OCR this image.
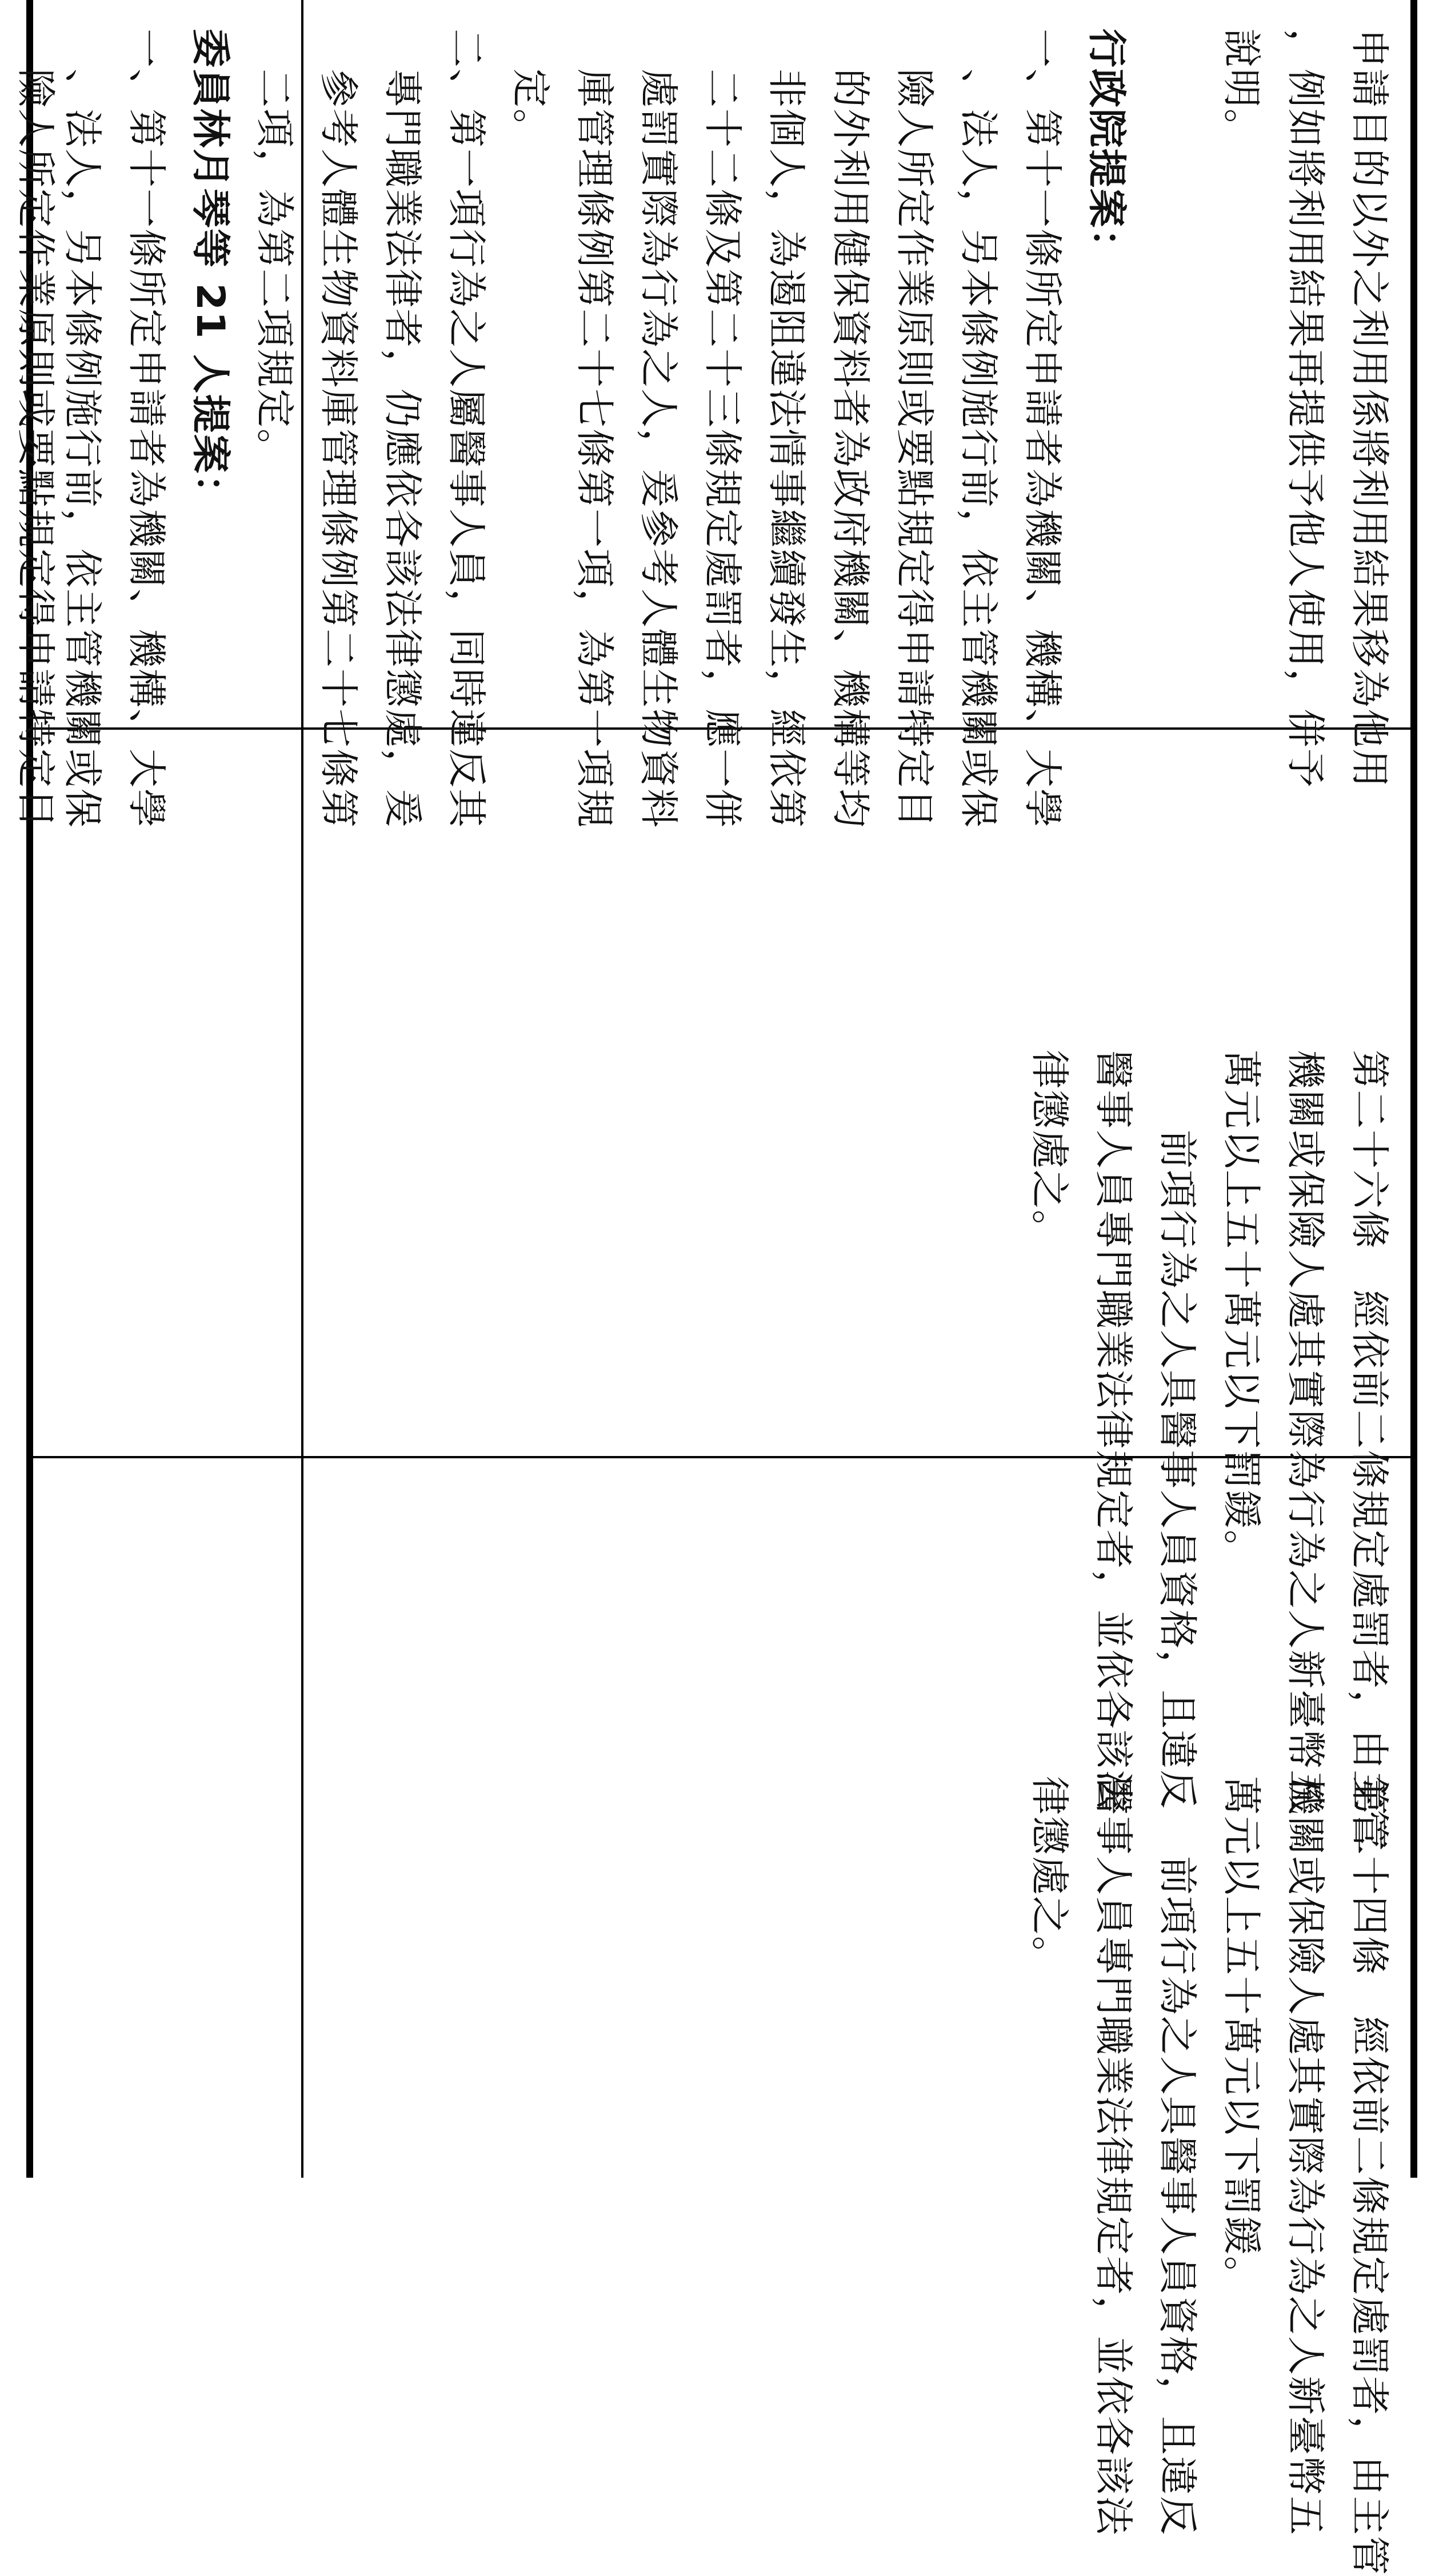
第二十四條　經依前二條規定處罰者，由主管
機關或保險人處其實際為行為之人新臺幣五
萬元以上五十萬元以下罰鍰。
　　前項行為之人具醫事人員資格，且違反
醫事人員專門職業法律規定者，並依各該法
律懲處之。
第二十六條　經依前二條規定處罰者，由主管
機關或保險人處其實際為行為之人新臺幣五
萬元以上五十萬元以下罰鍰。
　　前項行為之人具醫事人員資格，且違反
醫事人員專門職業法律規定者，並依各該法
律懲處之。
申請目的以外之利用係將利用結果移為他用
，例如將利用結果再提供予他人使用，併予
說明。
行政院提案：
一、第十一條所定申請者為機關、機構、大學
　、法人，另本條例施行前，依主管機關或保
　險人所定作業原則或要點規定得申請特定目
　的外利用健保資料者為政府機關、機構等均
　非個人，為遏阻違法情事繼續發生，經依第
　二十二條及第二十三條規定處罰者，應一併
　處罰實際為行為之人，爰參考人體生物資料
　庫管理條例第二十七條第一項，為第一項規
　定。
二、第一項行為之人屬醫事人員，同時違反其
　專門職業法律者，仍應依各該法律懲處，爰
　參考人體生物資料庫管理條例第二十七條第
　二項，為第二項規定。
委員林月琴等 21 人提案：
一、第十一條所定申請者為機關、機構、大學
　、法人，另本條例施行前，依主管機關或保
　險人所定作業原則或要點規定得申請特定目
